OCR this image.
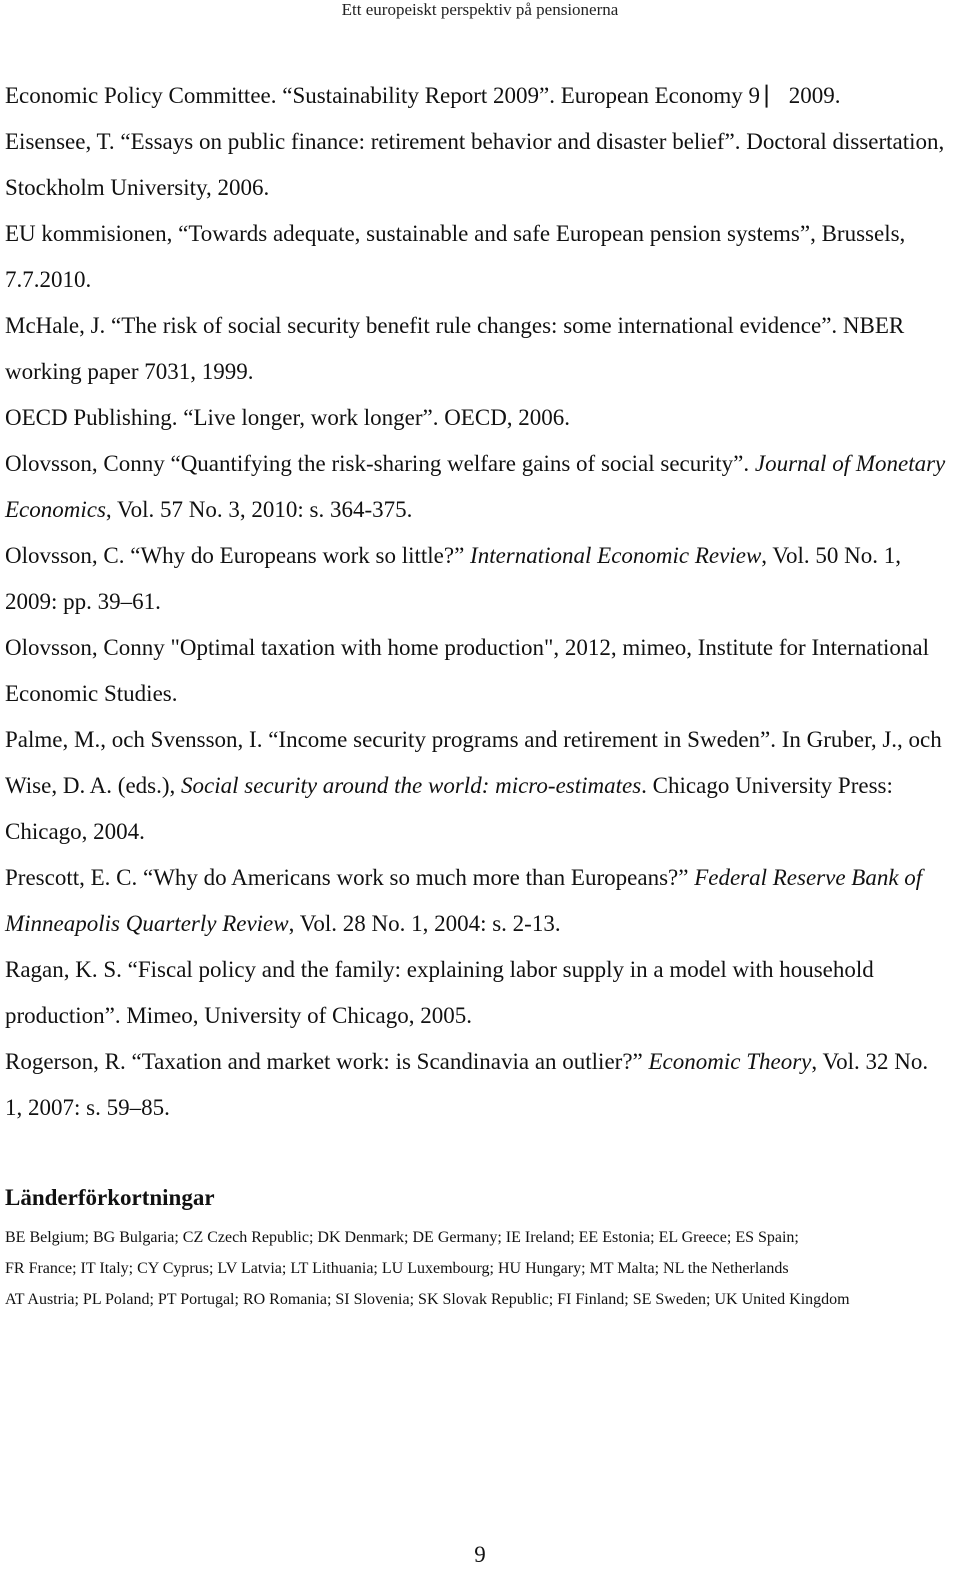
Ett europeiskt perspektiv på pensionerna

Economic Policy Committee. “Sustainability Report 2009”. European Economy 9 ⎸2009.

Eisensee, T. “Essays on public finance: retirement behavior and disaster belief”. Doctoral dissertation, Stockholm University, 2006.

EU kommisionen, “Towards adequate, sustainable and safe European pension systems”, Brussels, 7.7.2010.

McHale, J. “The risk of social security benefit rule changes: some international evidence”. NBER working paper 7031, 1999.

OECD Publishing. “Live longer, work longer”. OECD, 2006.

Olovsson, Conny “Quantifying the risk-sharing welfare gains of social security”. Journal of Monetary Economics, Vol. 57 No. 3, 2010: s. 364-375.

Olovsson, C. “Why do Europeans work so little?” International Economic Review, Vol. 50 No. 1, 2009: pp. 39–61.

Olovsson, Conny "Optimal taxation with home production", 2012, mimeo, Institute for International Economic Studies.

Palme, M., och Svensson, I. “Income security programs and retirement in Sweden”. In Gruber, J., och Wise, D. A. (eds.), Social security around the world: micro-estimates. Chicago University Press: Chicago, 2004.

Prescott, E. C. “Why do Americans work so much more than Europeans?” Federal Reserve Bank of Minneapolis Quarterly Review, Vol. 28 No. 1, 2004: s. 2-13.

Ragan, K. S. “Fiscal policy and the family: explaining labor supply in a model with household production”. Mimeo, University of Chicago, 2005.

Rogerson, R. “Taxation and market work: is Scandinavia an outlier?” Economic Theory, Vol. 32 No. 1, 2007: s. 59–85.

Länderförkortningar
BE Belgium; BG Bulgaria; CZ Czech Republic; DK Denmark; DE Germany; IE Ireland; EE Estonia; EL Greece; ES Spain;
FR France; IT Italy; CY Cyprus; LV Latvia; LT Lithuania; LU Luxembourg; HU Hungary; MT Malta; NL the Netherlands
AT Austria; PL Poland; PT Portugal; RO Romania; SI Slovenia; SK Slovak Republic; FI Finland; SE Sweden; UK United Kingdom
9
